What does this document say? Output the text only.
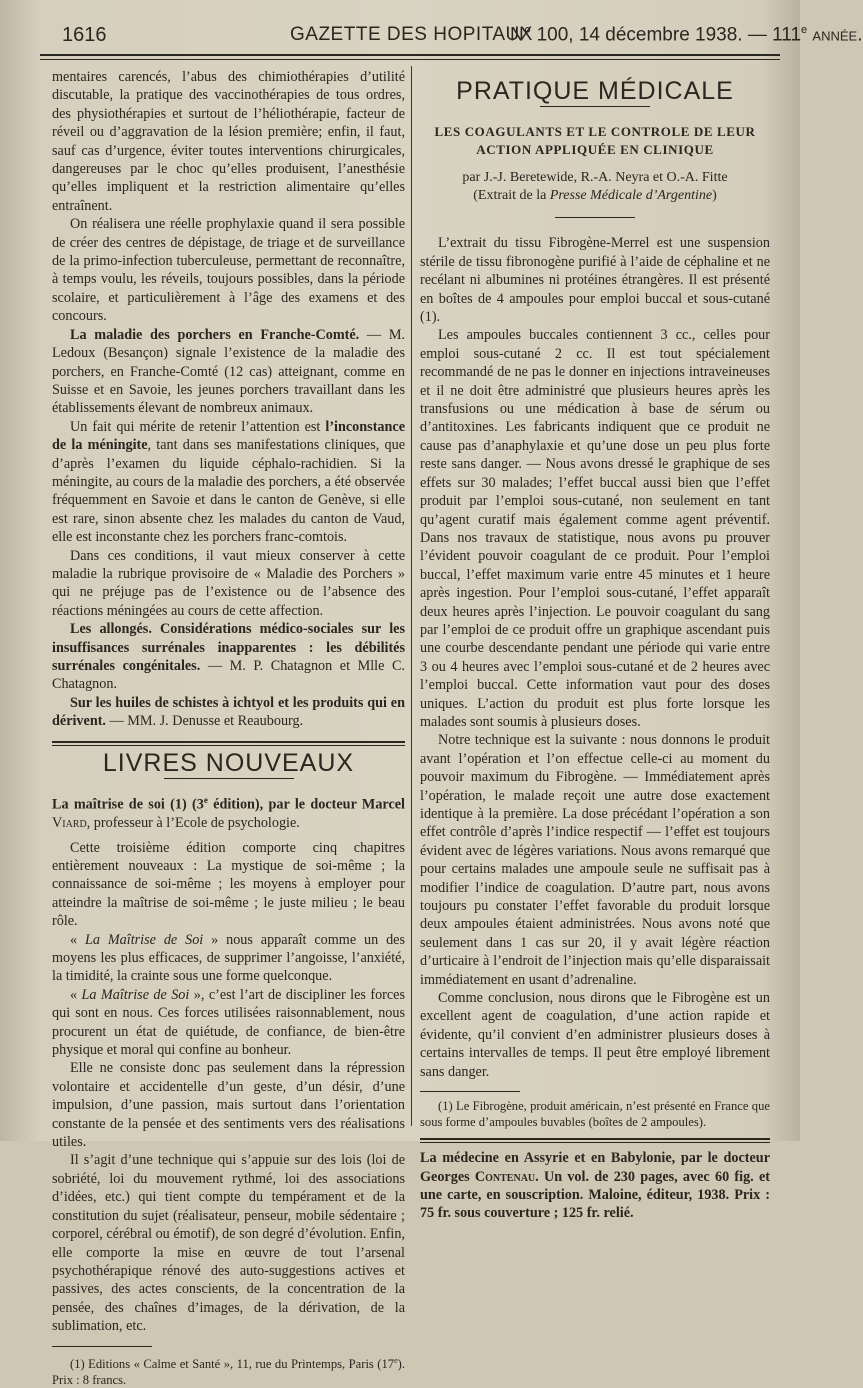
1616	GAZETTE DES HOPITAUX
N° 100, 14 décembre 1938. — 111e année.

mentaires carencés, l’abus des chimiothérapies d’utilité discutable, la pratique des vaccinothérapies de tous ordres, des physiothérapies et surtout de l’héliothérapie, facteur de réveil ou d’aggravation de la lésion première; enfin, il faut, sauf cas d’urgence, éviter toutes interventions chirurgicales, dangereuses par le choc qu’elles produisent, l’anesthésie qu’elles impliquent et la restriction alimentaire qu’elles entraînent.

On réalisera une réelle prophylaxie quand il sera possible de créer des centres de dépistage, de triage et de surveillance de la primo-infection tuberculeuse, permettant de reconnaître, à temps voulu, les réveils, toujours possibles, dans la période scolaire, et particulièrement à l’âge des examens et des concours.

La maladie des porchers en Franche-Comté. — M. Ledoux (Besançon) signale l’existence de la maladie des porchers, en Franche-Comté (12 cas) atteignant, comme en Suisse et en Savoie, les jeunes porchers travaillant dans les établissements élevant de nombreux animaux.

Un fait qui mérite de retenir l’attention est l’inconstance de la méningite, tant dans ses manifestations cliniques, que d’après l’examen du liquide céphalo-rachidien. Si la méningite, au cours de la maladie des porchers, a été observée fréquemment en Savoie et dans le canton de Genève, si elle est rare, sinon absente chez les malades du canton de Vaud, elle est inconstante chez les porchers franc-comtois.

Dans ces conditions, il vaut mieux conserver à cette maladie la rubrique provisoire de « Maladie des Porchers » qui ne préjuge pas de l’existence ou de l’absence des réactions méningées au cours de cette affection.

Les allongés. Considérations médico-sociales sur les insuffisances surrénales inapparentes : les débilités surrénales congénitales. — M. P. Chatagnon et Mlle C. Chatagnon.

Sur les huiles de schistes à ichtyol et les produits qui en dérivent. — MM. J. Denusse et Reaubourg.

LIVRES NOUVEAUX

La maîtrise de soi (1) (3e édition), par le docteur Marcel Viard, professeur à l’Ecole de psychologie.

Cette troisième édition comporte cinq chapitres entièrement nouveaux : La mystique de soi-même ; la connaissance de soi-même ; les moyens à employer pour atteindre la maîtrise de soi-même ; le juste milieu ; le beau rôle.

« La Maîtrise de Soi » nous apparaît comme un des moyens les plus efficaces, de supprimer l’angoisse, l’anxiété, la timidité, la crainte sous une forme quelconque.

« La Maîtrise de Soi », c’est l’art de discipliner les forces qui sont en nous. Ces forces utilisées raisonnablement, nous procurent un état de quiétude, de confiance, de bien-être physique et moral qui confine au bonheur.

Elle ne consiste donc pas seulement dans la répression volontaire et accidentelle d’un geste, d’un désir, d’une impulsion, d’une passion, mais surtout dans l’orientation constante de la pensée et des sentiments vers des réalisations utiles.

Il s’agit d’une technique qui s’appuie sur des lois (loi de sobriété, loi du mouvement rythmé, loi des associations d’idées, etc.) qui tient compte du tempérament et de la constitution du sujet (réalisateur, penseur, mobile sédentaire ; corporel, cérébral ou émotif), de son degré d’évolution. Enfin, elle comporte la mise en œuvre de tout l’arsenal psychothérapique rénové des auto-suggestions actives et passives, des actes conscients, de la concentration de la pensée, des chaînes d’images, de la dérivation, de la sublimation, etc.

(1) Editions « Calme et Santé », 11, rue du Printemps, Paris (17e). Prix : 8 francs.

PRATIQUE MÉDICALE
LES COAGULANTS ET LE CONTROLE DE LEUR ACTION APPLIQUÉE EN CLINIQUE
par J.-J. Beretewide, R.-A. Neyra et O.-A. Fitte
(Extrait de la Presse Médicale d’Argentine)

L’extrait du tissu Fibrogène-Merrel est une suspension stérile de tissu fibronogène purifié à l’aide de céphaline et ne recélant ni albumines ni protéines étrangères. Il est présenté en boîtes de 4 ampoules pour emploi buccal et sous-cutané (1).

Les ampoules buccales contiennent 3 cc., celles pour emploi sous-cutané 2 cc. Il est tout spécialement recommandé de ne pas le donner en injections intraveineuses et il ne doit être administré que plusieurs heures après les transfusions ou une médication à base de sérum ou d’antitoxines. Les fabricants indiquent que ce produit ne cause pas d’anaphylaxie et qu’une dose un peu plus forte reste sans danger. — Nous avons dressé le graphique de ses effets sur 30 malades; l’effet buccal aussi bien que l’effet produit par l’emploi sous-cutané, non seulement en tant qu’agent curatif mais également comme agent préventif. Dans nos travaux de statistique, nous avons pu prouver l’évident pouvoir coagulant de ce produit. Pour l’emploi buccal, l’effet maximum varie entre 45 minutes et 1 heure après ingestion. Pour l’emploi sous-cutané, l’effet apparaît deux heures après l’injection. Le pouvoir coagulant du sang par l’emploi de ce produit offre un graphique ascendant puis une courbe descendante pendant une période qui varie entre 3 ou 4 heures avec l’emploi sous-cutané et de 2 heures avec l’emploi buccal. Cette information vaut pour des doses uniques. L’action du produit est plus forte lorsque les malades sont soumis à plusieurs doses.

Notre technique est la suivante : nous donnons le produit avant l’opération et l’on effectue celle-ci au moment du pouvoir maximum du Fibrogène. — Immédiatement après l’opération, le malade reçoit une autre dose exactement identique à la première. La dose précédant l’opération a son effet contrôle d’après l’indice respectif — l’effet est toujours évident avec de légères variations. Nous avons remarqué que pour certains malades une ampoule seule ne suffisait pas à modifier l’indice de coagulation. D’autre part, nous avons toujours pu constater l’effet favorable du produit lorsque deux ampoules étaient administrées. Nous avons noté que seulement dans 1 cas sur 20, il y avait légère réaction d’urticaire à l’endroit de l’injection mais qu’elle disparaissait immédiatement en usant d’adrenaline.

Comme conclusion, nous dirons que le Fibrogène est un excellent agent de coagulation, d’une action rapide et évidente, qu’il convient d’en administrer plusieurs doses à certains intervalles de temps. Il peut être employé librement sans danger.

(1) Le Fibrogène, produit américain, n’est présenté en France que sous forme d’ampoules buvables (boîtes de 2 ampoules).

La médecine en Assyrie et en Babylonie, par le docteur Georges Contenau. Un vol. de 230 pages, avec 60 fig. et une carte, en souscription. Maloine, éditeur, 1938. Prix : 75 fr. sous couverture ; 125 fr. relié.
